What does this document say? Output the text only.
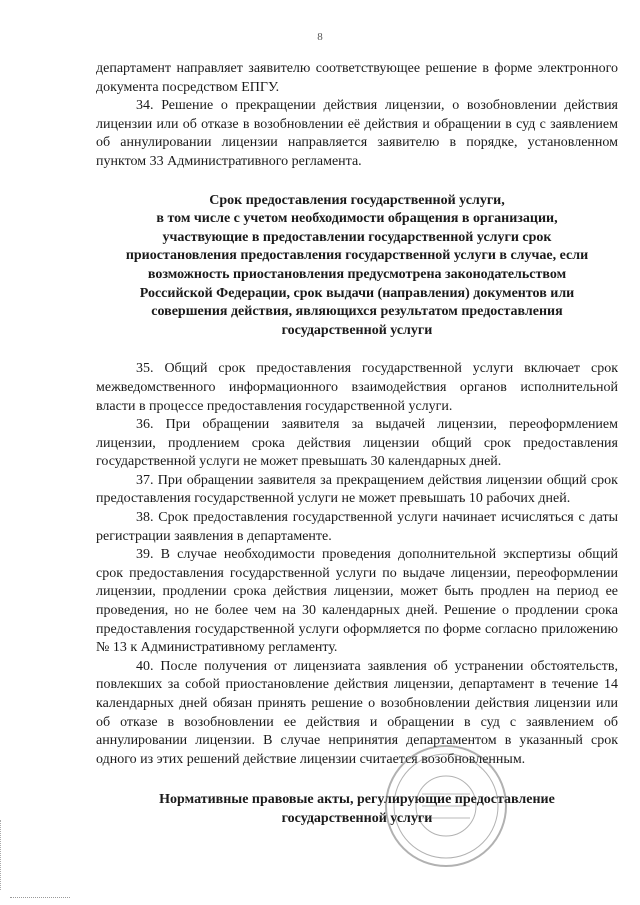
8

департамент направляет заявителю соответствующее решение в форме электронного документа посредством ЕПГУ.

34. Решение о прекращении действия лицензии, о возобновлении действия лицензии или об отказе в возобновлении её действия и обращении в суд с заявлением об аннулировании лицензии направляется заявителю в порядке, установленном пунктом 33 Административного регламента.

Срок предоставления государственной услуги,

в том числе с учетом необходимости обращения в организации,

участвующие в предоставлении государственной услуги срок

приостановления предоставления государственной услуги в случае, если

возможность приостановления предусмотрена законодательством

Российской Федерации, срок выдачи (направления) документов или

совершения действия, являющихся результатом предоставления

государственной услуги

35. Общий срок предоставления государственной услуги включает срок межведомственного информационного взаимодействия органов исполнительной власти в процессе предоставления государственной услуги.

36. При обращении заявителя за выдачей лицензии, переоформлением лицензии, продлением срока действия лицензии общий срок предоставления государственной услуги не может превышать 30 календарных дней.

37. При обращении заявителя за прекращением действия лицензии общий срок предоставления государственной услуги не может превышать 10 рабочих дней.

38. Срок предоставления государственной услуги начинает исчисляться с даты регистрации заявления в департаменте.

39. В случае необходимости проведения дополнительной экспертизы общий срок предоставления государственной услуги по выдаче лицензии, переоформлении лицензии, продлении срока действия лицензии, может быть продлен на период ее проведения, но не более чем на 30 календарных дней. Решение о продлении срока предоставления государственной услуги оформляется по форме согласно приложению № 13 к Административному регламенту.

40. После получения от лицензиата заявления об устранении обстоятельств, повлекших за собой приостановление действия лицензии, департамент в течение 14 календарных дней обязан принять решение о возобновлении действия лицензии или об отказе в возобновлении ее действия и обращении в суд с заявлением об аннулировании лицензии. В случае непринятия департаментом в указанный срок одного из этих решений действие лицензии считается возобновленным.

Нормативные правовые акты, регулирующие предоставление

государственной услуги
